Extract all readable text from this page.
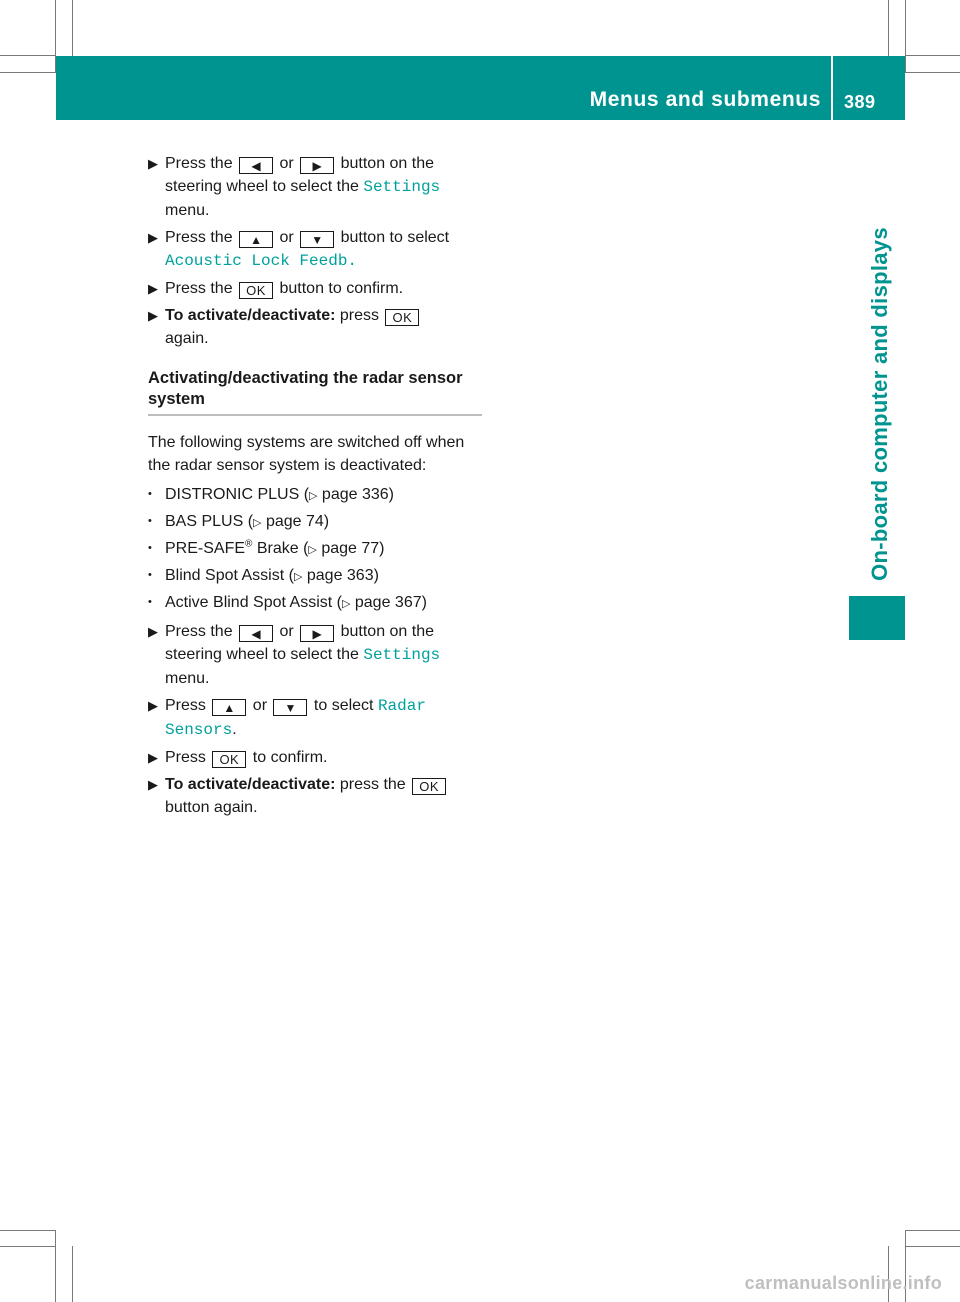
Menus and submenus 389
On-board computer and displays
▶ Press the ◀ or ▶ button on the steering wheel to select the Settings
menu.
▶ Press the ▲ or ▼ button to select
Acoustic Lock Feedb.
▶ Press the OK button to confirm.
▶ To activate/deactivate: press OK
again.
Activating/deactivating the radar sensor system
The following systems are switched off when the radar sensor system is deactivated:
• DISTRONIC PLUS (▷ page 336)
• BAS PLUS (▷ page 74)
• PRE-SAFE® Brake (▷ page 77)
• Blind Spot Assist (▷ page 363)
• Active Blind Spot Assist (▷ page 367)
▶ Press the ◀ or ▶ button on the steering wheel to select the Settings
menu.
▶ Press ▲ or ▼ to select Radar Sensors.
▶ Press OK to confirm.
▶ To activate/deactivate: press the OK
button again.
carmanualsonline.info
